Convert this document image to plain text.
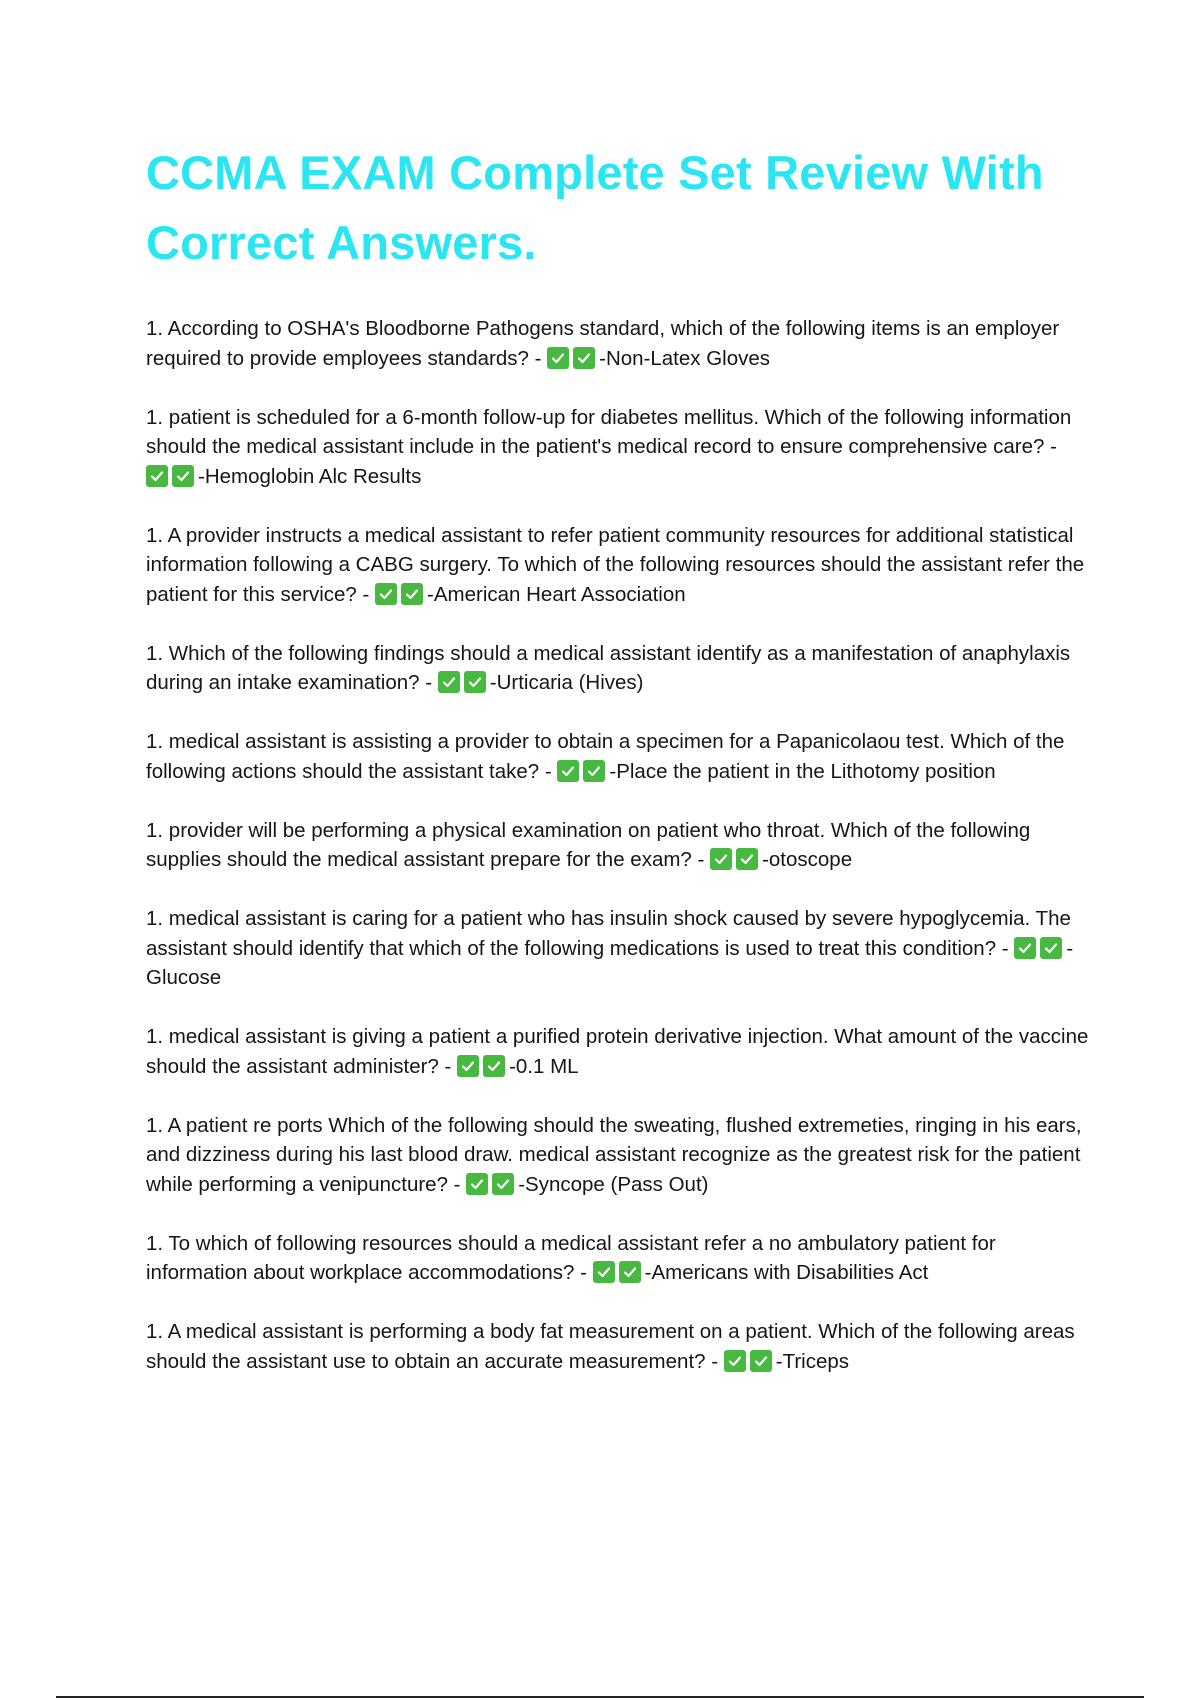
CCMA EXAM Complete Set Review With Correct Answers.
1. According to OSHA's Bloodborne Pathogens standard, which of the following items is an employer required to provide employees standards? -	-Non-Latex Gloves
1. patient is scheduled for a 6-month follow-up for diabetes mellitus. Which of the following information should the medical assistant include in the patient's medical record to ensure comprehensive care? -
-Hemoglobin Alc Results
1. A provider instructs a medical assistant to refer patient community resources for additional statistical information following a CABG surgery. To which of the following resources should the assistant refer the patient for this service? -	-American Heart Association
1. Which of the following findings should a medical assistant identify as a manifestation of anaphylaxis during an intake examination? -	-Urticaria (Hives)
1. medical assistant is assisting a provider to obtain a specimen for a Papanicolaou test. Which of the following actions should the assistant take? -	-Place the patient in the Lithotomy position
1. provider will be performing a physical examination on patient who throat. Which of the following supplies should the medical assistant prepare for the exam? -	-otoscope
1. medical assistant is caring for a patient who has insulin shock caused by severe hypoglycemia. The assistant should identify that which of the following medications is used to treat this condition? -	-Glucose
1. medical assistant is giving a patient a purified protein derivative injection. What amount of the vaccine should the assistant administer? -	-0.1 ML
1. A patient re ports Which of the following should the sweating, flushed extremeties, ringing in his ears, and dizziness during his last blood draw. medical assistant recognize as the greatest risk for the patient while performing a venipuncture? -	-Syncope (Pass Out)
1. To which of following resources should a medical assistant refer a no ambulatory patient for information about workplace accommodations? -	-Americans with Disabilities Act
1. A medical assistant is performing a body fat measurement on a patient. Which of the following areas should the assistant use to obtain an accurate measurement? -	-Triceps
